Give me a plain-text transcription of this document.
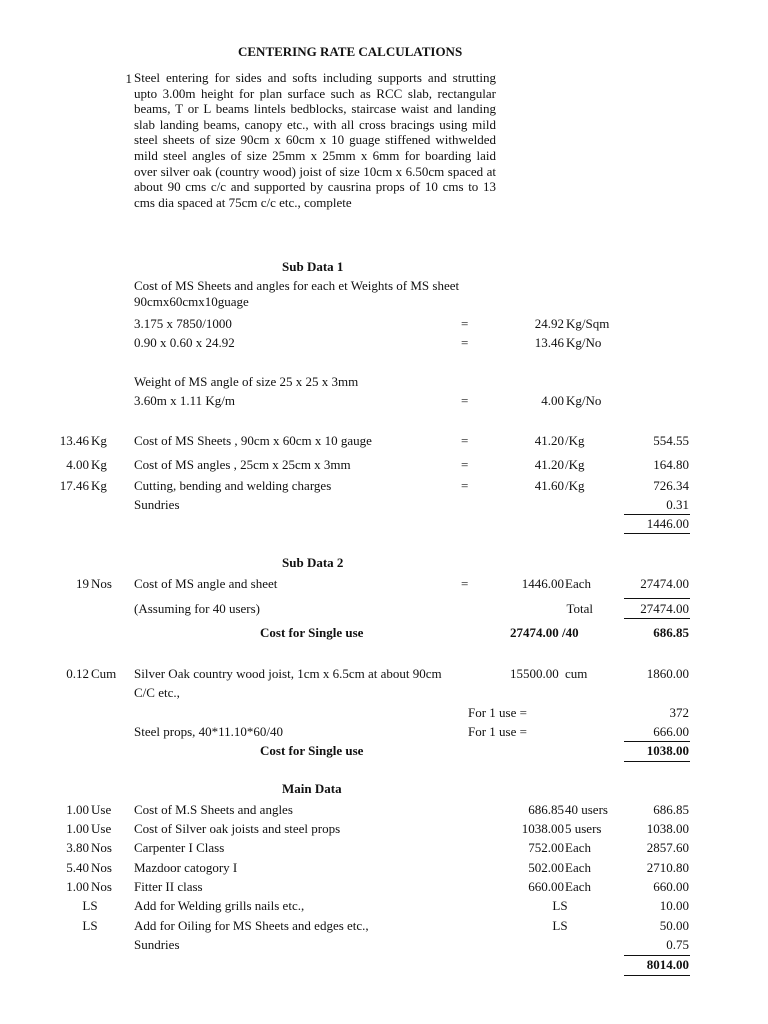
CENTERING RATE CALCULATIONS
1 Steel entering for sides and softs including supports and strutting upto 3.00m height for plan surface such as RCC slab, rectangular beams, T or L beams lintels bedblocks, staircase waist and landing slab landing beams, canopy etc., with all cross bracings using mild steel sheets of size 90cm x 60cm x 10 guage stiffened withwelded mild steel angles of size 25mm x 25mm x 6mm for boarding laid over silver oak (country wood) joist of size 10cm x 6.50cm spaced at about 90 cms c/c and supported by causrina props of 10 cms to 13 cms dia spaced at 75cm c/c etc., complete
Sub Data 1
Cost of MS Sheets and angles for each et Weights of MS sheet
90cmx60cmx10guage
3.175 x 7850/1000	=	24.92 Kg/Sqm
0.90 x 0.60 x 24.92	=	13.46 Kg/No
Weight of MS angle of size 25 x 25 x 3mm
3.60m x 1.11 Kg/m	=	4.00 Kg/No
13.46 Kg Cost of MS Sheets , 90cm x 60cm x 10 gauge	=	41.20 /Kg	554.55
4.00 Kg Cost of MS angles , 25cm x 25cm x 3mm	=	41.20 /Kg	164.80
17.46 Kg Cutting, bending and welding charges	=	41.60 /Kg	726.34
Sundries	0.31
1446.00
Sub Data 2
19 Nos Cost of MS angle and sheet	=	1446.00 Each	27474.00
(Assuming for 40 users)	Total	27474.00
Cost for Single use	27474.00 /40	686.85
0.12 Cum Silver Oak country wood joist, 1cm x 6.5cm at about 90cm
C/C etc.,
15500.00 cum	1860.00
For 1 use =	372
Steel props, 40*11.10*60/40	For 1 use =	666.00
Cost for Single use	1038.00
Main Data
1.00 Use Cost of M.S Sheets and angles	686.85 40 users	686.85
1.00 Use Cost of Silver oak joists and steel props	1038.00 5 users	1038.00
3.80 Nos Carpenter I Class	752.00 Each	2857.60
5.40 Nos Mazdoor catogory I	502.00 Each	2710.80
1.00 Nos Fitter II class	660.00 Each	660.00
LS	Add for Welding grills nails etc.,	LS	10.00
LS	Add for Oiling for MS Sheets and edges etc.,	LS	50.00
Sundries	0.75
8014.00
